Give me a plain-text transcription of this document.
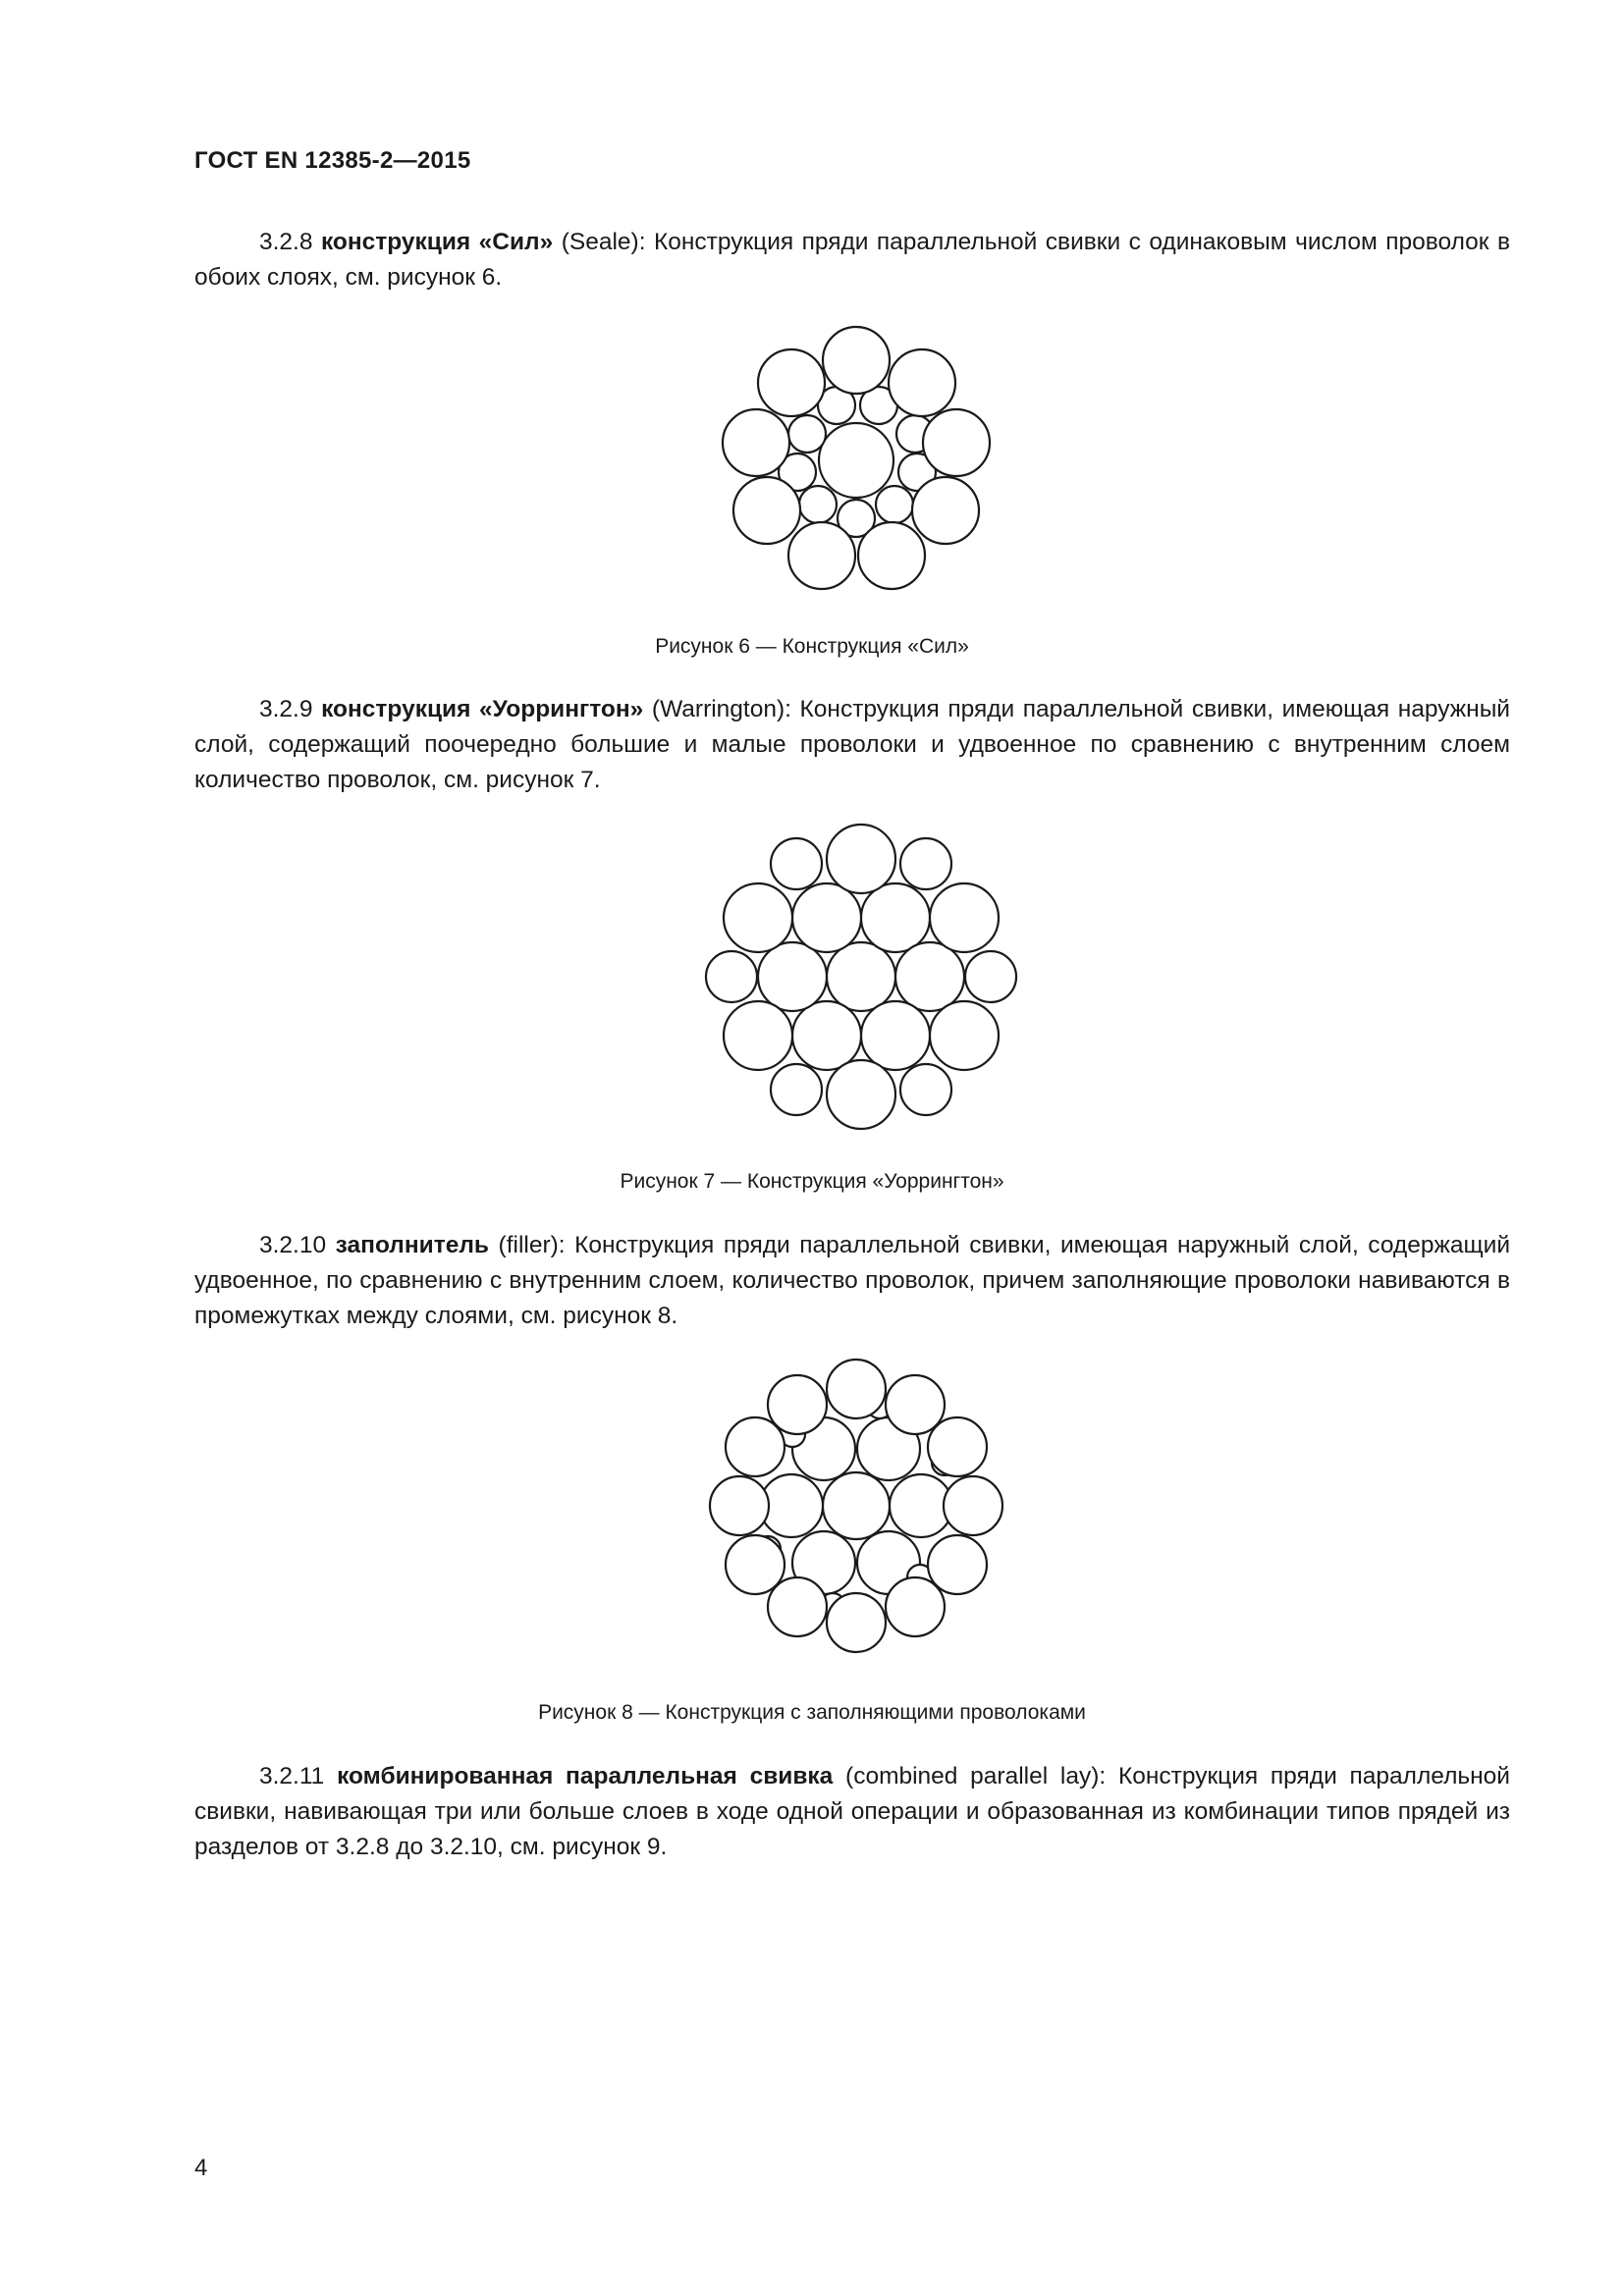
ГОСТ EN 12385-2—2015

3.2.8 конструкция «Сил» (Seale): Конструкция пряди параллельной свивки с одинаковым числом проволок в обоих слоях, см. рисунок 6.

Рисунок 6 — Конструкция «Сил»

3.2.9 конструкция «Уоррингтон» (Warrington): Конструкция пряди параллельной свивки, имеющая наружный слой, содержащий поочередно большие и малые проволоки и удвоенное по сравнению с внутренним слоем количество проволок, см. рисунок 7.

Рисунок 7 — Конструкция «Уоррингтон»

3.2.10 заполнитель (filler): Конструкция пряди параллельной свивки, имеющая наружный слой, содержащий удвоенное, по сравнению с внутренним слоем, количество проволок, причем заполняющие проволоки навиваются в промежутках между слоями, см. рисунок 8.

Рисунок 8 — Конструкция с заполняющими проволоками

3.2.11 комбинированная параллельная свивка (combined parallel lay): Конструкция пряди параллельной свивки, навивающая три или больше слоев в ходе одной операции и образованная из комбинации типов прядей из разделов от 3.2.8 до 3.2.10, см. рисунок 9.

4
